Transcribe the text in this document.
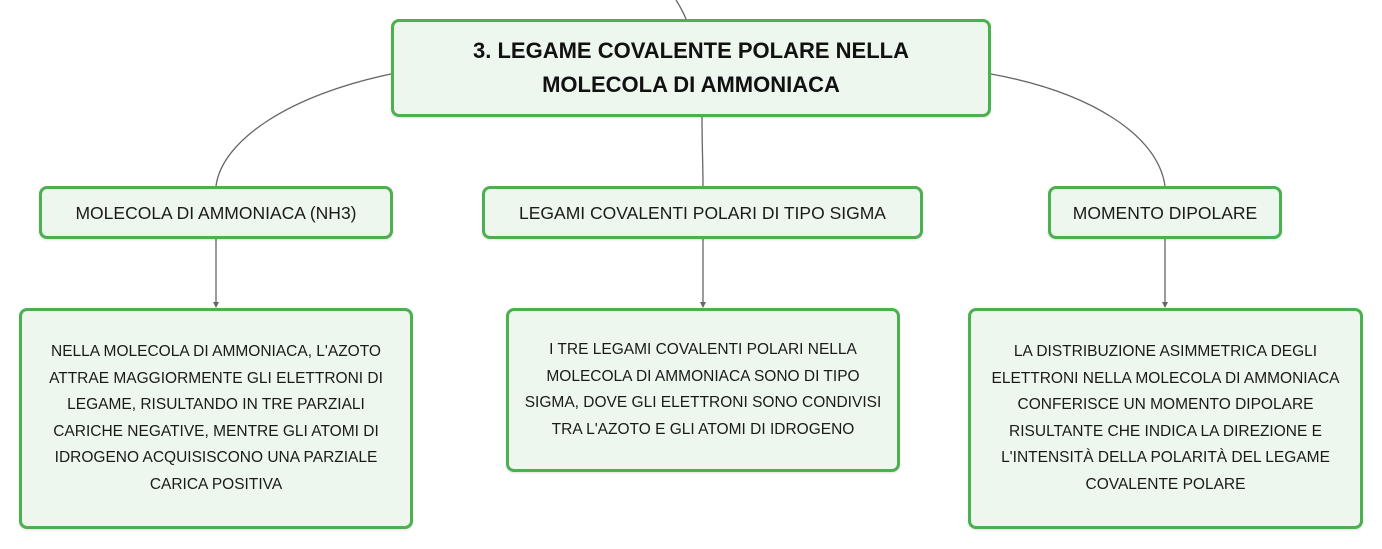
3. LEGAME COVALENTE POLARE NELLA MOLECOLA DI AMMONIACA
MOLECOLA DI AMMONIACA (NH3)	LEGAMI COVALENTI POLARI DI TIPO SIGMA	MOMENTO DIPOLARE
NELLA MOLECOLA DI AMMONIACA, L'AZOTO ATTRAE MAGGIORMENTE GLI ELETTRONI DI LEGAME, RISULTANDO IN TRE PARZIALI CARICHE NEGATIVE, MENTRE GLI ATOMI DI IDROGENO ACQUISISCONO UNA PARZIALE CARICA POSITIVA
I TRE LEGAMI COVALENTI POLARI NELLA MOLECOLA DI AMMONIACA SONO DI TIPO SIGMA, DOVE GLI ELETTRONI SONO CONDIVISI TRA L'AZOTO E GLI ATOMI DI IDROGENO
LA DISTRIBUZIONE ASIMMETRICA DEGLI ELETTRONI NELLA MOLECOLA DI AMMONIACA CONFERISCE UN MOMENTO DIPOLARE RISULTANTE CHE INDICA LA DIREZIONE E L'INTENSITÀ DELLA POLARITÀ DEL LEGAME COVALENTE POLARE
